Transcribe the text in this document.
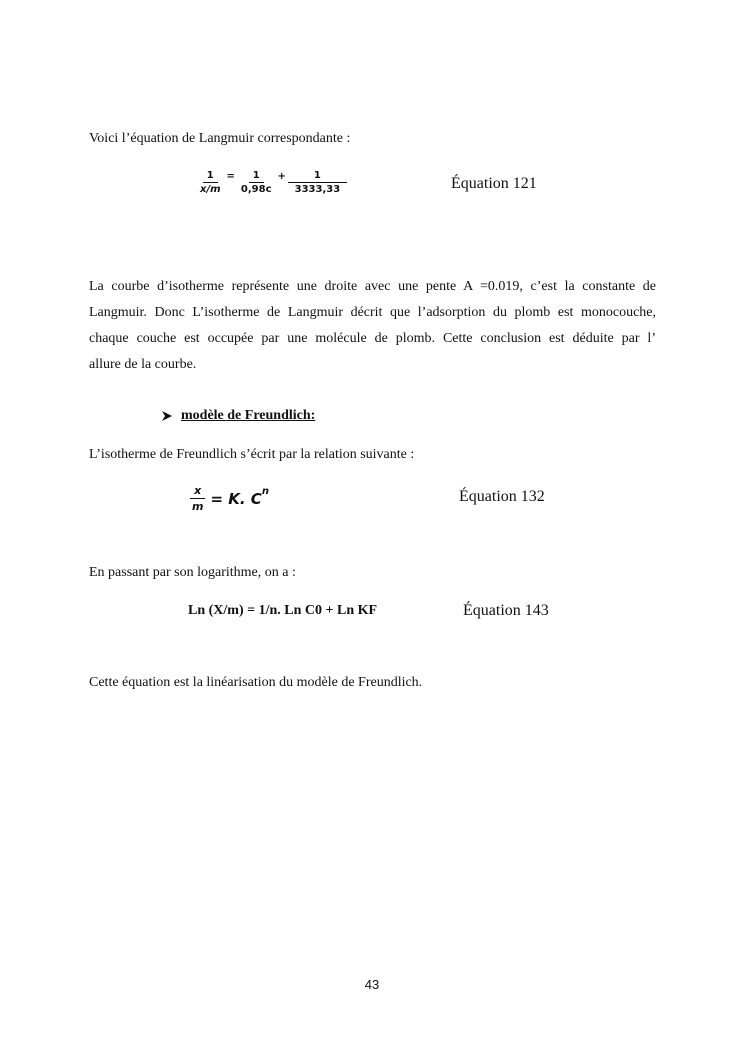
Voici l’équation de Langmuir correspondante :
$\frac{1}{x/m} = \frac{1}{0,98c} + \frac{1}{3333,33}$	Équation 121
La courbe d’isotherme représente une droite avec une pente A =0.019, c’est la constante de
Langmuir. Donc L’isotherme de Langmuir décrit que l’adsorption du plomb est monocouche,
chaque couche est occupée par une molécule de plomb. Cette conclusion est déduite par l’
allure de la courbe.
modèle de Freundlich:
L’isotherme de Freundlich s’écrit par la relation suivante :
$\frac{x}{m} = K$. C n	Équation 132
En passant par son logarithme, on a :
Ln (X/m) = 1/n. Ln C0 + Ln KF	Équation 143
Cette équation est la linéarisation du modèle de Freundlich.
43
